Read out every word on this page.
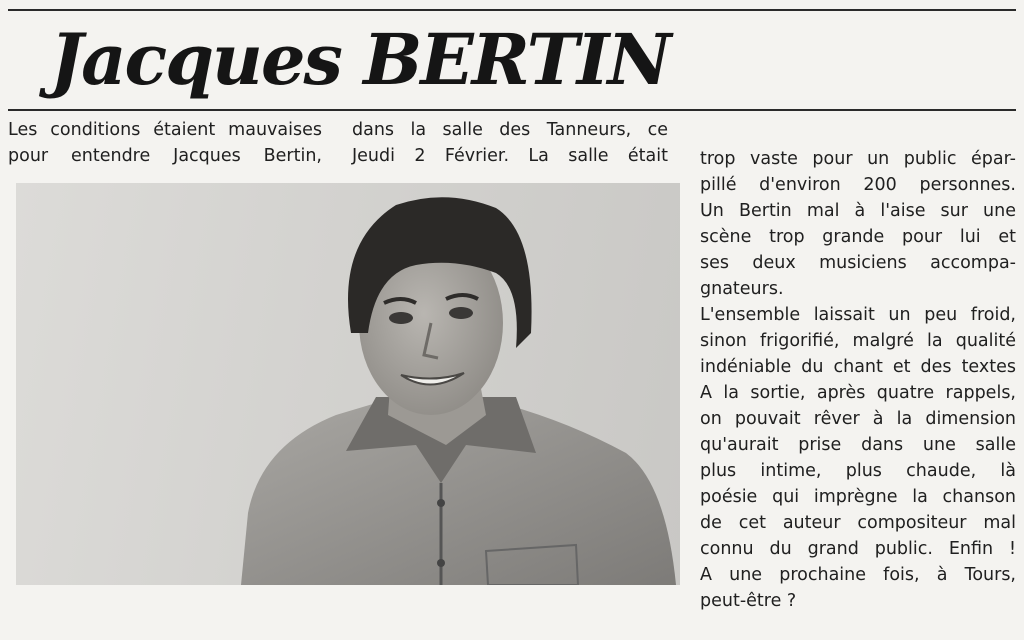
Jacques BERTIN

Les conditions étaient mauvaises
pour entendre Jacques Bertin,

dans la salle des Tanneurs, ce
Jeudi 2 Février. La salle était trop vaste pour un public épar-
pillé d'environ 200 personnes.
Un Bertin mal à l'aise sur une
scène trop grande pour lui et
ses deux musiciens accompa-
gnateurs.
L'ensemble laissait un peu froid,
sinon frigorifié, malgré la qualité
indéniable du chant et des textes
A la sortie, après quatre rappels,
on pouvait rêver à la dimension
qu'aurait prise dans une salle
plus intime, plus chaude, là
poésie qui imprègne la chanson
de cet auteur compositeur mal
connu du grand public. Enfin !
A une prochaine fois, à Tours,
peut-être ?
